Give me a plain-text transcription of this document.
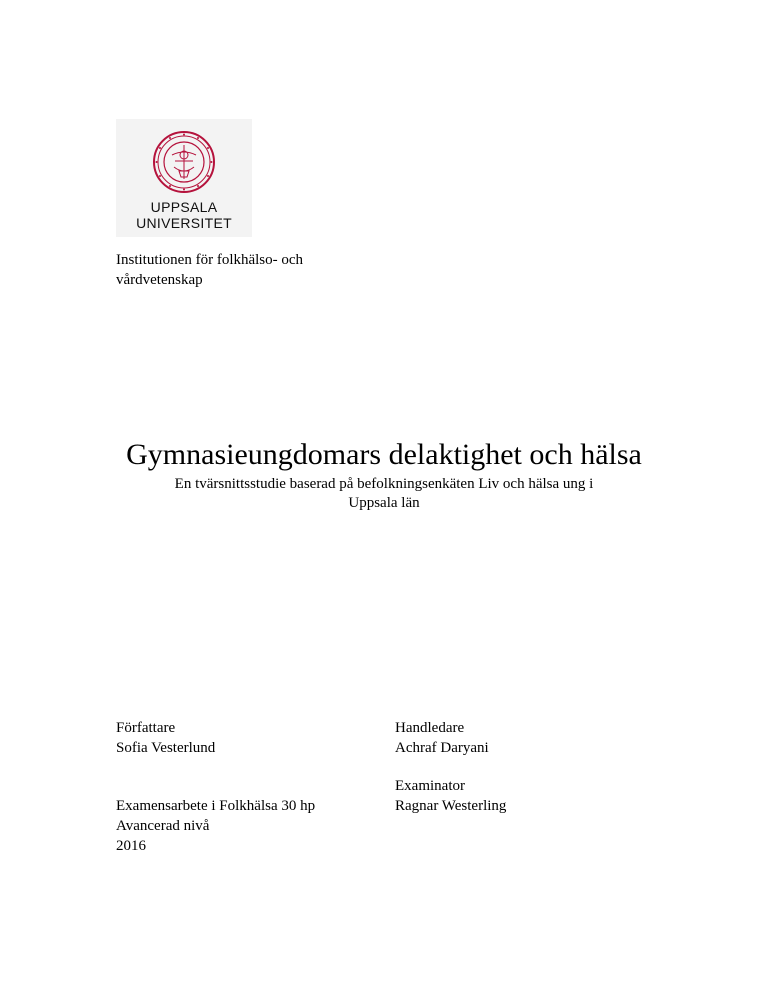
UPPSALA
UNIVERSITET
Institutionen för folkhälso- och
vårdvetenskap
Gymnasieungdomars delaktighet och hälsa
En tvärsnittsstudie baserad på befolkningsenkäten Liv och hälsa ung i
Uppsala län
Författare
Sofia Vesterlund
Handledare
Achraf Daryani
Examinator
Ragnar Westerling
Examensarbete i Folkhälsa 30 hp
Avancerad nivå
2016
